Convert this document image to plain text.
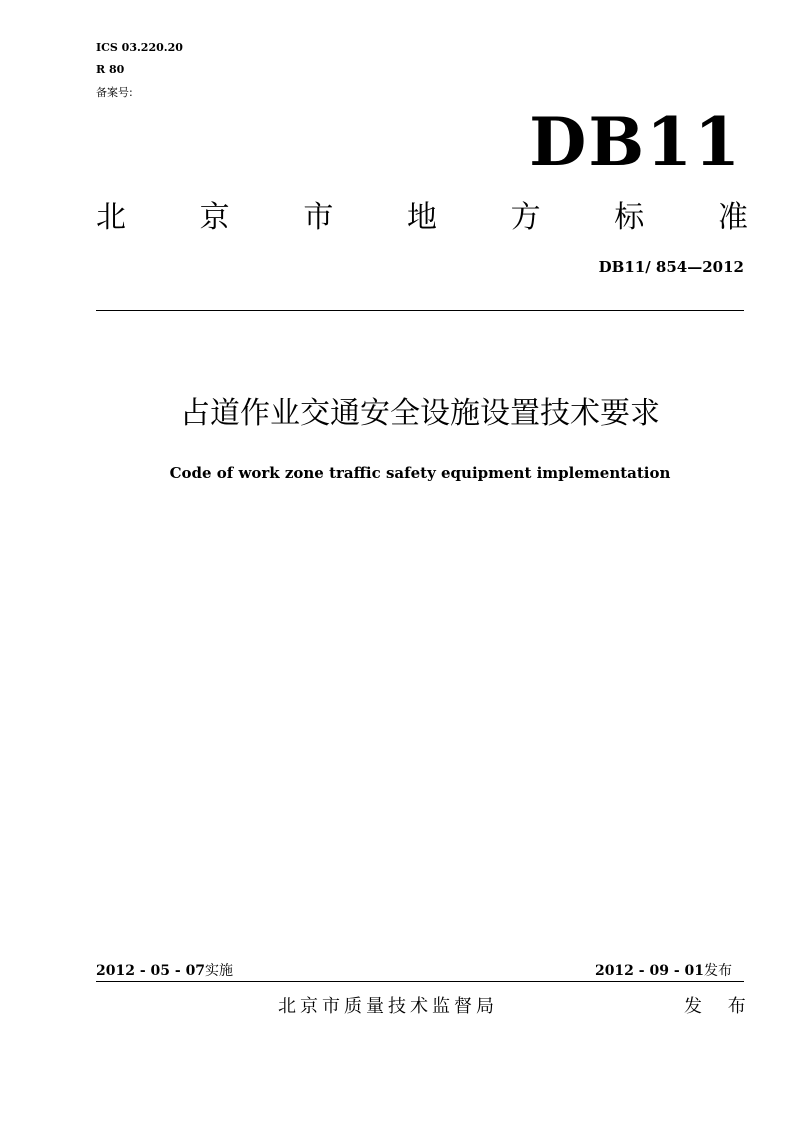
ICS 03.220.20
R 80
备案号:
DB11
北 京 市 地 方 标 准
DB11/ 854—2012
占道作业交通安全设施设置技术要求
Code of work zone traffic safety equipment implementation
2012 - 05 - 07实施	2012 - 09 - 01发布
北京市质量技术监督局	发 布
